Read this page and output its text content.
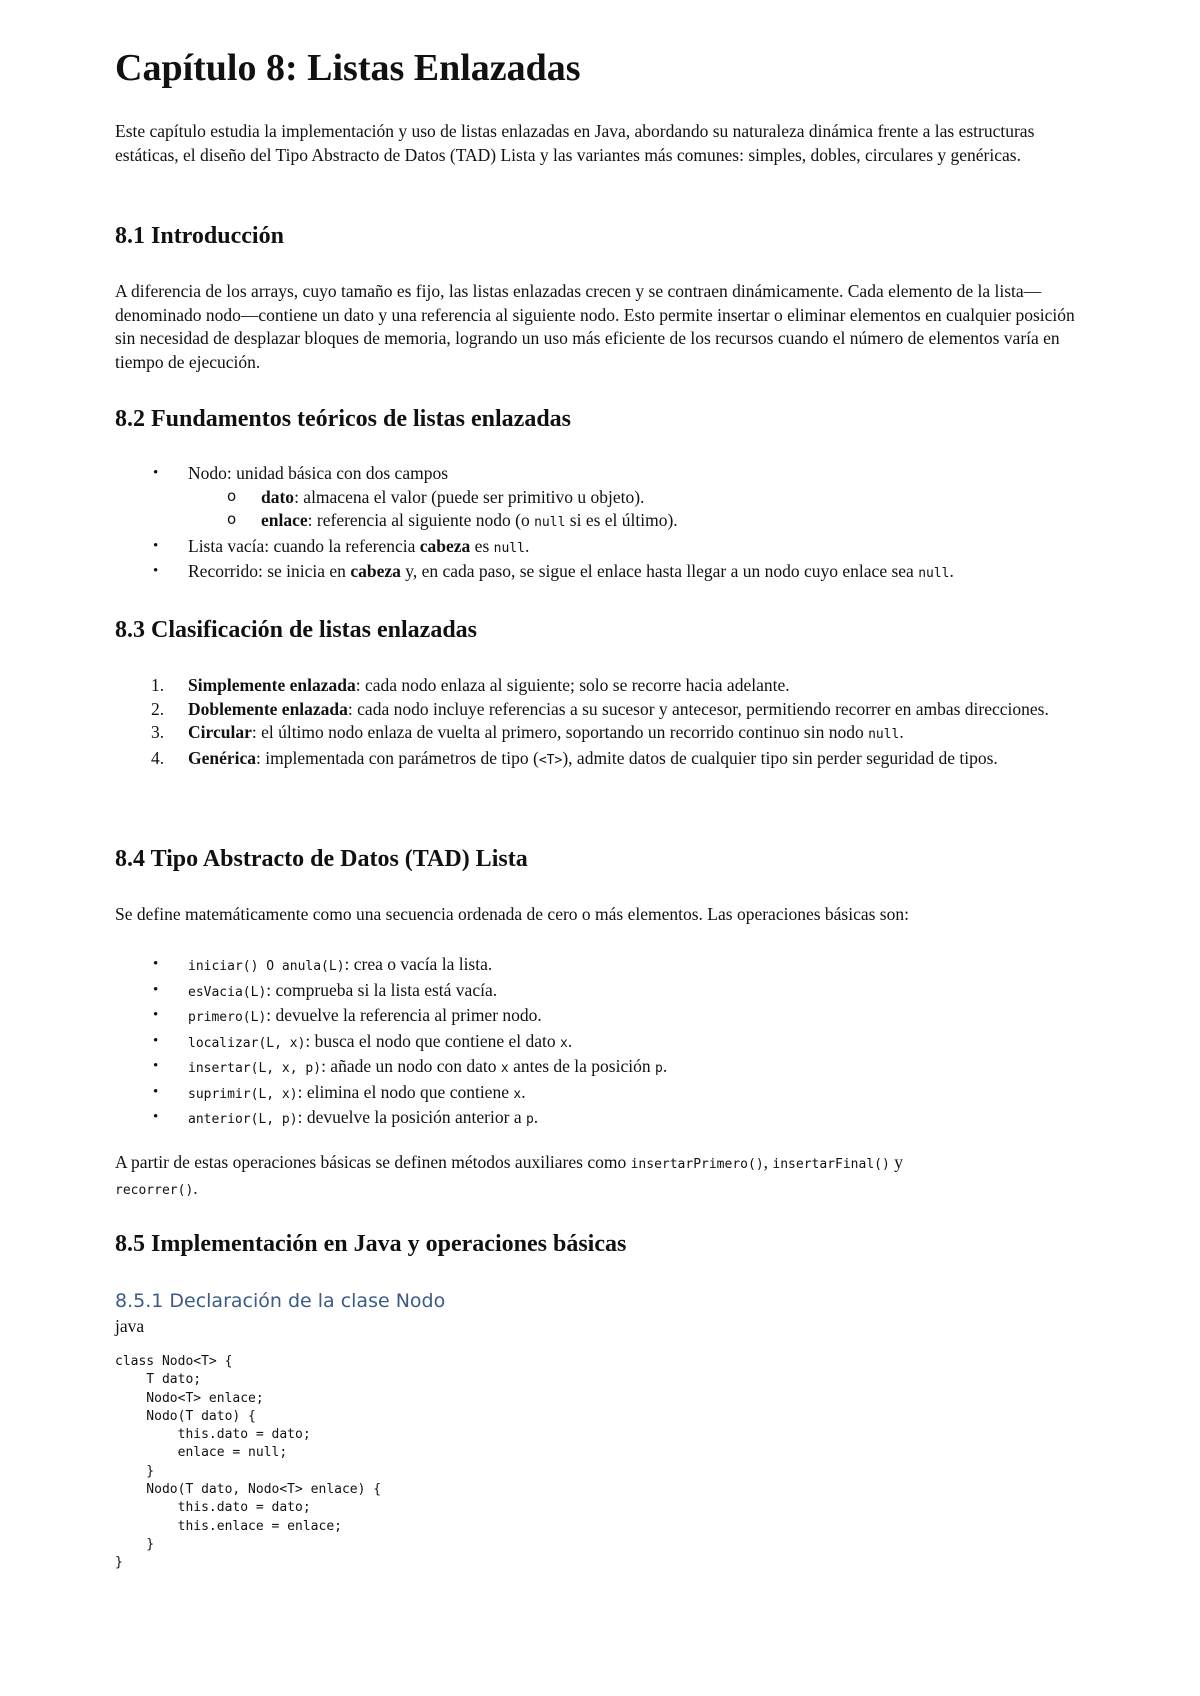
Capítulo 8: Listas Enlazadas

Este capítulo estudia la implementación y uso de listas enlazadas en Java, abordando su naturaleza dinámica frente a las estructuras estáticas, el diseño del Tipo Abstracto de Datos (TAD) Lista y las variantes más comunes: simples, dobles, circulares y genéricas.

8.1 Introducción

A diferencia de los arrays, cuyo tamaño es fijo, las listas enlazadas crecen y se contraen dinámicamente. Cada elemento de la lista—denominado nodo—contiene un dato y una referencia al siguiente nodo. Esto permite insertar o eliminar elementos en cualquier posición sin necesidad de desplazar bloques de memoria, logrando un uso más eficiente de los recursos cuando el número de elementos varía en tiempo de ejecución.

8.2 Fundamentos teóricos de listas enlazadas
• Nodo: unidad básica con dos campos
o dato: almacena el valor (puede ser primitivo u objeto).
o enlace: referencia al siguiente nodo (o null si es el último).
• Lista vacía: cuando la referencia cabeza es null.
• Recorrido: se inicia en cabeza y, en cada paso, se sigue el enlace hasta llegar a un nodo cuyo enlace sea null.
8.3 Clasificación de listas enlazadas
1. Simplemente enlazada: cada nodo enlaza al siguiente; solo se recorre hacia adelante.
2. Doblemente enlazada: cada nodo incluye referencias a su sucesor y antecesor, permitiendo recorrer en ambas direcciones.
3. Circular: el último nodo enlaza de vuelta al primero, soportando un recorrido continuo sin nodo null.
4. Genérica: implementada con parámetros de tipo (<T>), admite datos de cualquier tipo sin perder seguridad de tipos.
8.4 Tipo Abstracto de Datos (TAD) Lista

Se define matemáticamente como una secuencia ordenada de cero o más elementos. Las operaciones básicas son:

• iniciar() O anula(L): crea o vacía la lista.
• esVacia(L): comprueba si la lista está vacía.
• primero(L): devuelve la referencia al primer nodo.
• localizar(L, x): busca el nodo que contiene el dato x.
• insertar(L, x, p): añade un nodo con dato x antes de la posición p.
• suprimir(L, x): elimina el nodo que contiene x.
• anterior(L, p): devuelve la posición anterior a p.

A partir de estas operaciones básicas se definen métodos auxiliares como insertarPrimero(), insertarFinal() y
recorrer().

8.5 Implementación en Java y operaciones básicas
8.5.1 Declaración de la clase Nodo

java

class Nodo<T> {
T dato;
Nodo<T> enlace;
Nodo(T dato) {
this.dato = dato;
enlace = null;
}
Nodo(T dato, Nodo<T> enlace) {
this.dato = dato;
this.enlace = enlace;
}
}
